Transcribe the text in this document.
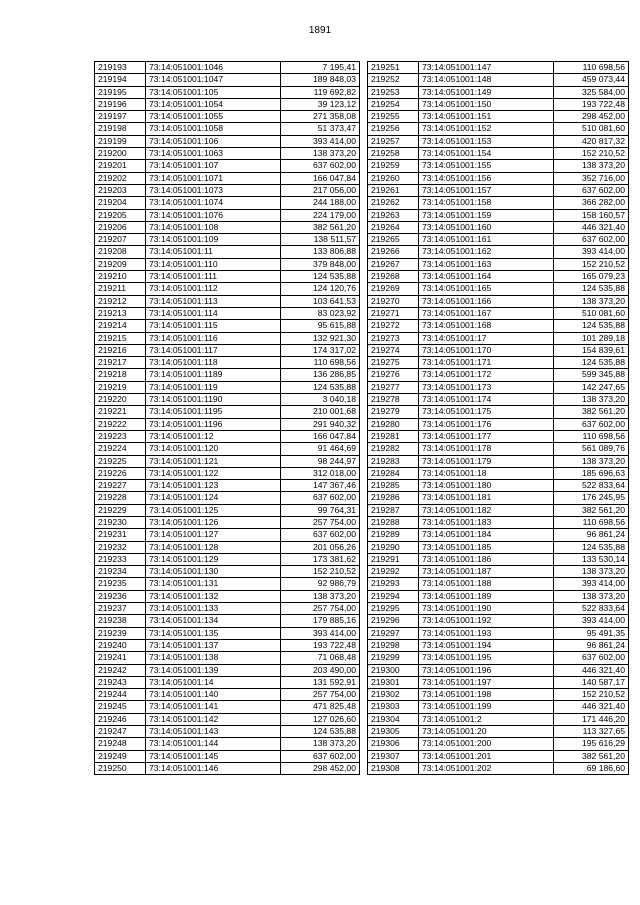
1891
219193	73:14:051001:1046	7 195,41
219194	73:14:051001:1047	189 848,03
219195	73:14:051001:105	119 692,82
219196	73:14:051001:1054	39 123,12
219197	73:14:051001:1055	271 358,08
219198	73:14:051001:1058	51 373,47
219199	73:14:051001:106	393 414,00
219200	73:14:051001:1063	138 373,20
219201	73:14:051001:107	637 602,00
219202	73:14:051001:1071	166 047,84
219203	73:14:051001:1073	217 056,00
219204	73:14:051001:1074	244 188,00
219205	73:14:051001:1076	224 179,00
219206	73:14:051001:108	382 561,20
219207	73:14:051001:109	138 511,57
219208	73:14:051001:11	133 806,88
219209	73:14:051001:110	379 848,00
219210	73:14:051001:111	124 535,88
219211	73:14:051001:112	124 120,76
219212	73:14:051001:113	103 641,53
219213	73:14:051001:114	83 023,92
219214	73:14:051001:115	95 615,88
219215	73:14:051001:116	132 921,30
219216	73:14:051001:117	174 317,02
219217	73:14:051001:118	110 698,56
219218	73:14:051001:1189	136 286,85
219219	73:14:051001:119	124 535,88
219220	73:14:051001:1190	3 040,18
219221	73:14:051001:1195	210 001,68
219222	73:14:051001:1196	291 940,32
219223	73:14:051001:12	166 047,84
219224	73:14:051001:120	91 464,69
219225	73:14:051001:121	98 244,97
219226	73:14:051001:122	312 018,00
219227	73:14:051001:123	147 367,46
219228	73:14:051001:124	637 602,00
219229	73:14:051001:125	99 764,31
219230	73:14:051001:126	257 754,00
219231	73:14:051001:127	637 602,00
219232	73:14:051001:128	201 056,26
219233	73:14:051001:129	173 381,62
219234	73:14:051001:130	152 210,52
219235	73:14:051001:131	92 986,79
219236	73:14:051001:132	138 373,20
219237	73:14:051001:133	257 754,00
219238	73:14:051001:134	179 885,16
219239	73:14:051001:135	393 414,00
219240	73:14:051001:137	193 722,48
219241	73:14:051001:138	71 068,48
219242	73:14:051001:139	203 490,00
219243	73:14:051001:14	131 592,91
219244	73:14:051001:140	257 754,00
219245	73:14:051001:141	471 825,48
219246	73:14:051001:142	127 026,60
219247	73:14:051001:143	124 535,88
219248	73:14:051001:144	138 373,20
219249	73:14:051001:145	637 602,00
219250	73:14:051001:146	298 452,00
219251	73:14:051001:147	110 698,56
219252	73:14:051001:148	459 073,44
219253	73:14:051001:149	325 584,00
219254	73:14:051001:150	193 722,48
219255	73:14:051001:151	298 452,00
219256	73:14:051001:152	510 081,60
219257	73:14:051001:153	420 817,32
219258	73:14:051001:154	152 210,52
219259	73:14:051001:155	138 373,20
219260	73:14:051001:156	352 716,00
219261	73:14:051001:157	637 602,00
219262	73:14:051001:158	366 282,00
219263	73:14:051001:159	158 160,57
219264	73:14:051001:160	446 321,40
219265	73:14:051001:161	637 602,00
219266	73:14:051001:162	393 414,00
219267	73:14:051001:163	152 210,52
219268	73:14:051001:164	165 079,23
219269	73:14:051001:165	124 535,88
219270	73:14:051001:166	138 373,20
219271	73:14:051001:167	510 081,60
219272	73:14:051001:168	124 535,88
219273	73:14:051001:17	101 289,18
219274	73:14:051001:170	154 839,61
219275	73:14:051001:171	124 535,88
219276	73:14:051001:172	599 345,88
219277	73:14:051001:173	142 247,65
219278	73:14:051001:174	138 373,20
219279	73:14:051001:175	382 561,20
219280	73:14:051001:176	637 602,00
219281	73:14:051001:177	110 698,56
219282	73:14:051001:178	561 089,76
219283	73:14:051001:179	138 373,20
219284	73:14:051001:18	185 696,63
219285	73:14:051001:180	522 833,64
219286	73:14:051001:181	176 245,95
219287	73:14:051001:182	382 561,20
219288	73:14:051001:183	110 698,56
219289	73:14:051001:184	96 861,24
219290	73:14:051001:185	124 535,88
219291	73:14:051001:186	133 530,14
219292	73:14:051001:187	138 373,20
219293	73:14:051001:188	393 414,00
219294	73:14:051001:189	138 373,20
219295	73:14:051001:190	522 833,64
219296	73:14:051001:192	393 414,00
219297	73:14:051001:193	95 491,35
219298	73:14:051001:194	96 861,24
219299	73:14:051001:195	637 602,00
219300	73:14:051001:196	446 321,40
219301	73:14:051001:197	140 587,17
219302	73:14:051001:198	152 210,52
219303	73:14:051001:199	446 321,40
219304	73:14:051001:2	171 446,20
219305	73:14:051001:20	113 327,65
219306	73:14:051001:200	195 616,29
219307	73:14:051001:201	382 561,20
219308	73:14:051001:202	69 186,60
